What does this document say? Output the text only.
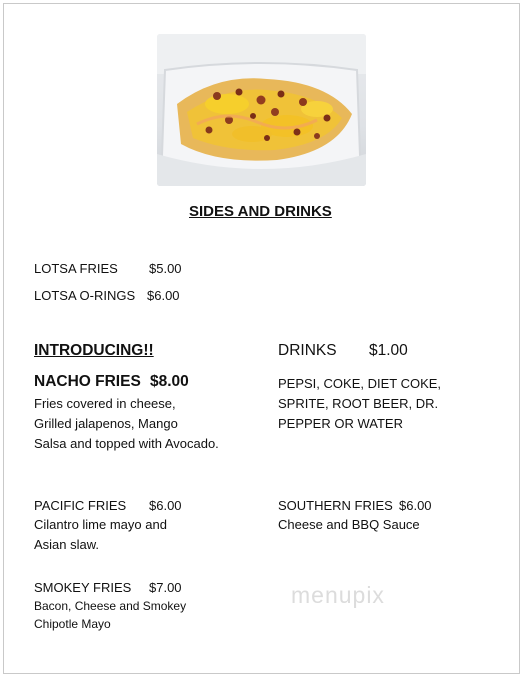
SIDES AND DRINKS
LOTSA FRIES $5.00
LOTSA O-RINGS $6.00
INTRODUCING!!
NACHO FRIES $8.00
Fries covered in cheese,
Grilled jalapenos, Mango
Salsa and topped with Avocado.
DRINKS $1.00
PEPSI, COKE, DIET COKE,
SPRITE, ROOT BEER, DR.
PEPPER OR WATER
PACIFIC FRIES $6.00
Cilantro lime mayo and
Asian slaw.
SOUTHERN FRIES $6.00
Cheese and BBQ Sauce
SMOKEY FRIES $7.00
Bacon, Cheese and Smokey
Chipotle Mayo
menupix
